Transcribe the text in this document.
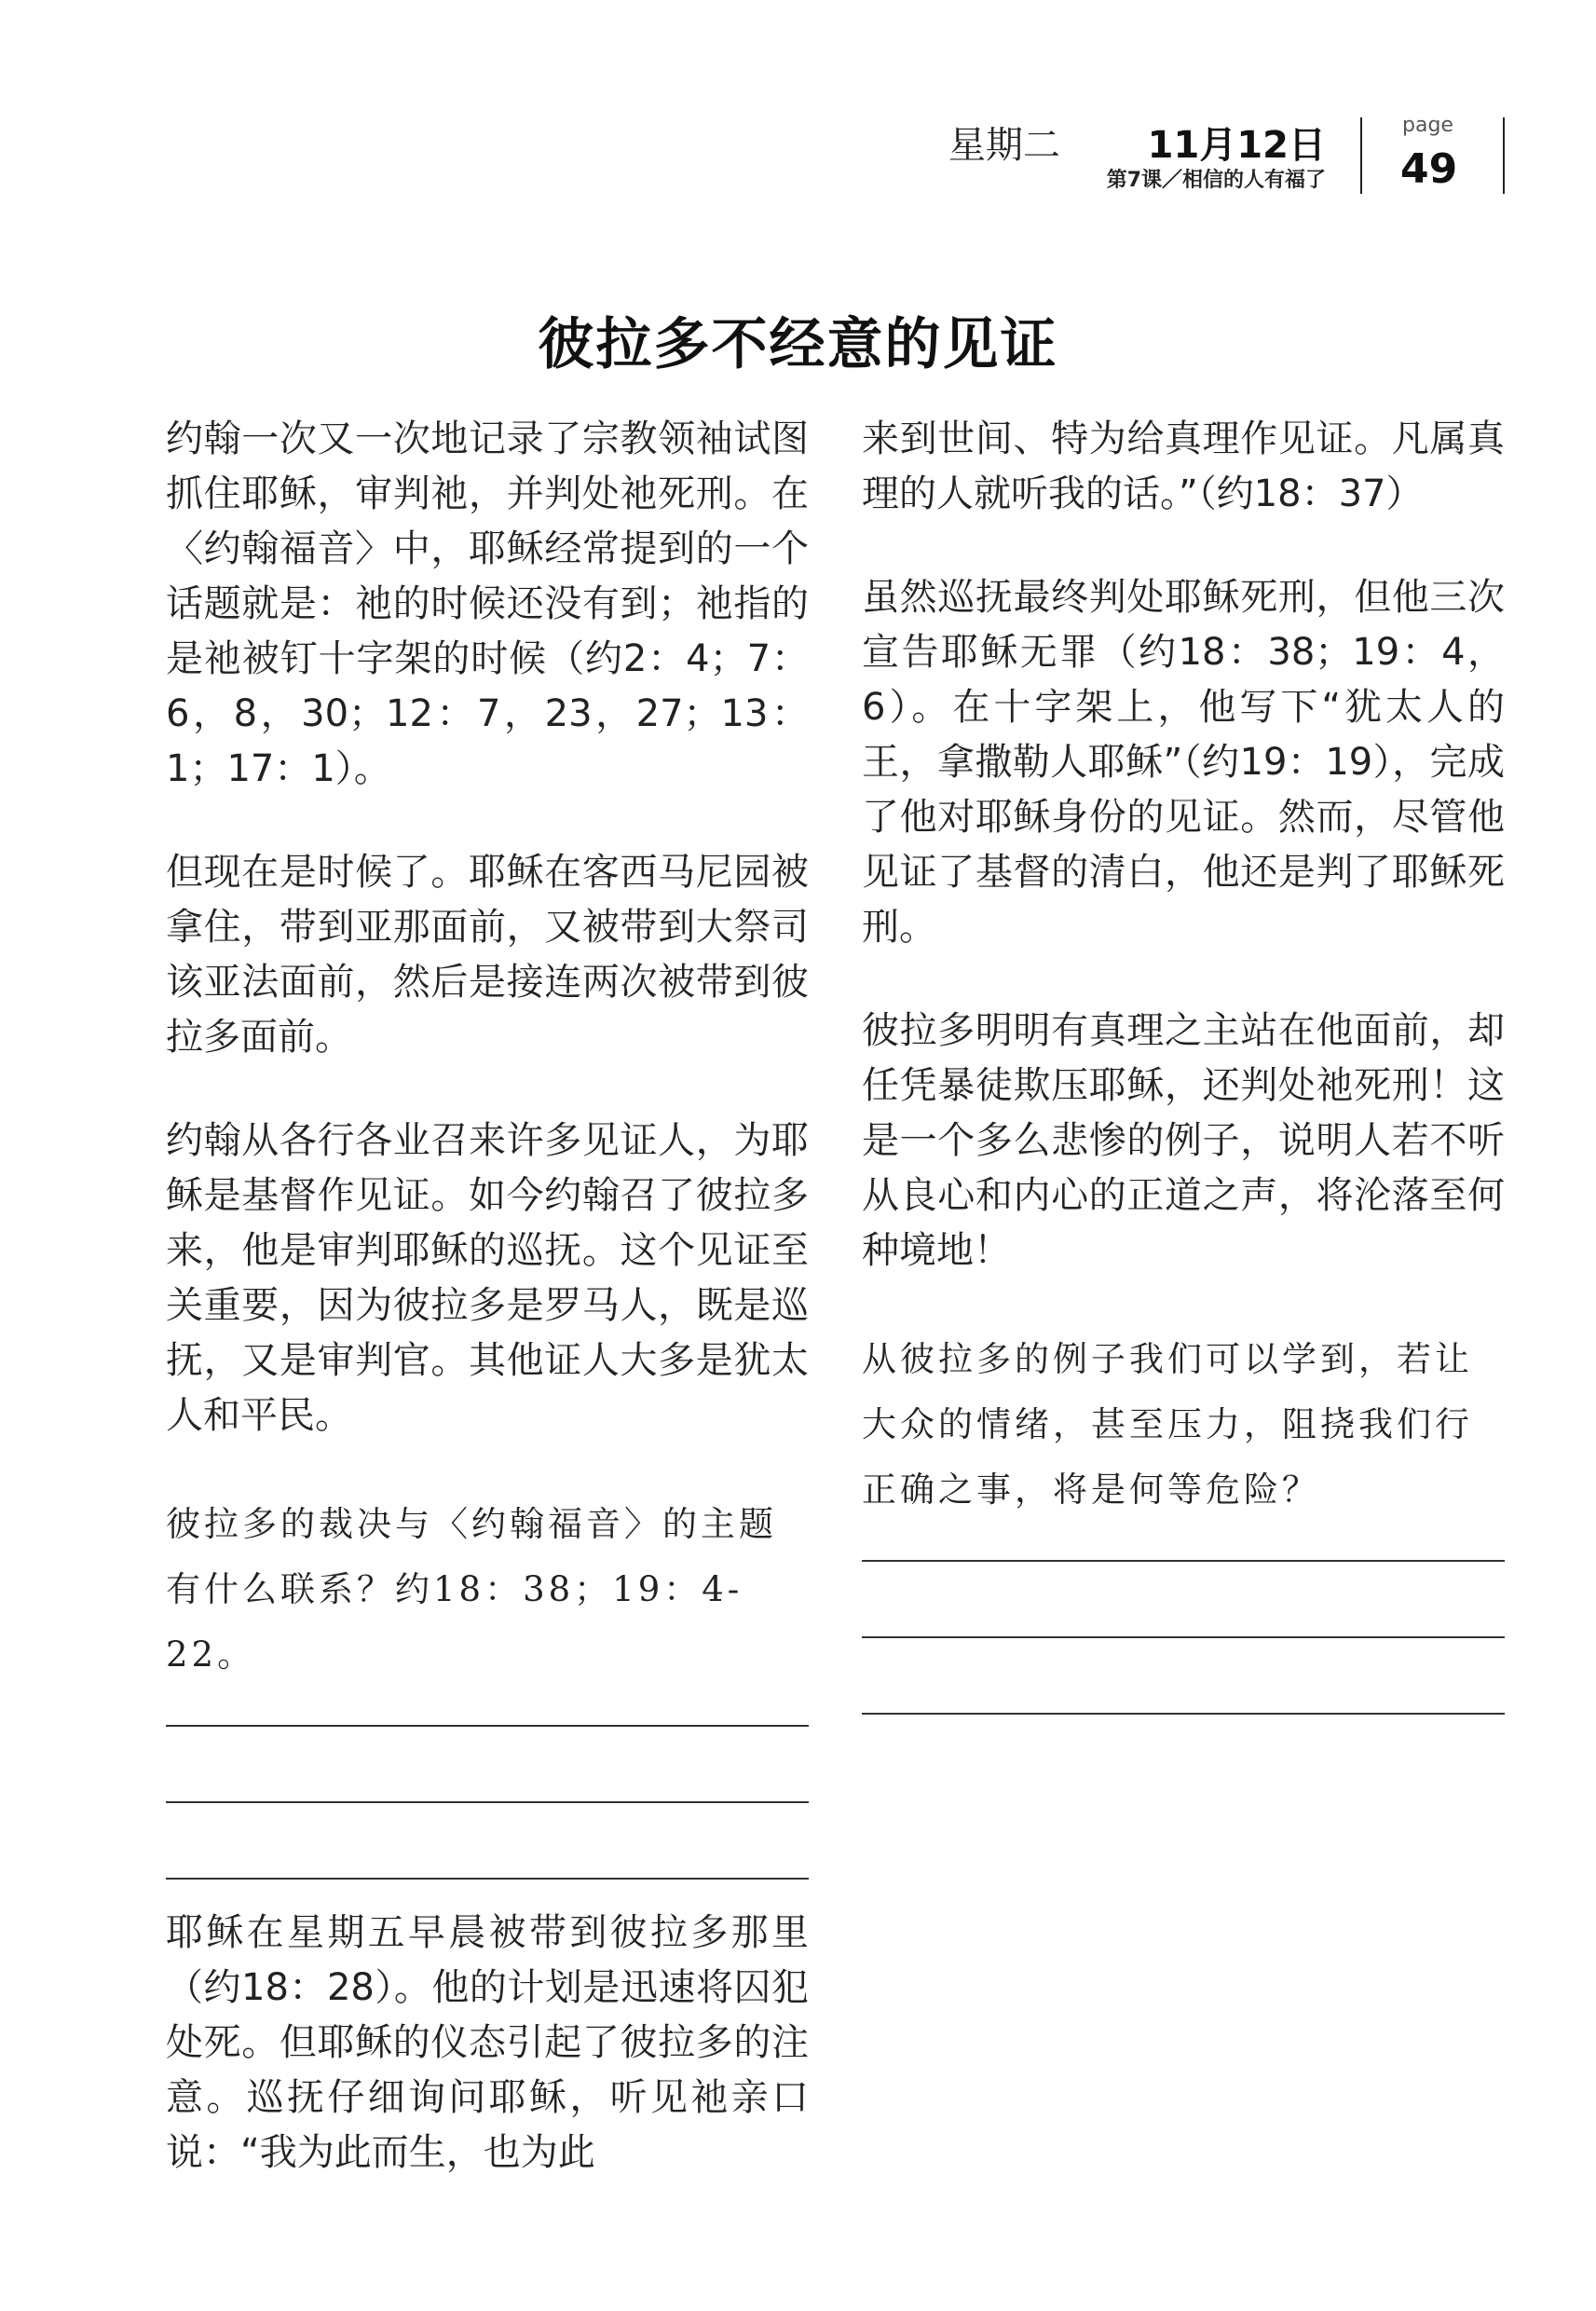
星期二 11月12日
第7课／相信的人有福了
page
49
彼拉多不经意的见证

约翰一次又一次地记录了宗教领袖试图抓住耶稣，审判祂，并判处祂死刑。在〈约翰福音〉中，耶稣经常提到的一个话题就是：祂的时候还没有到；祂指的是祂被钉十字架的时候（约2：4；7：6，8，30；12：7，23，27；13：1；17：1）。

但现在是时候了。耶稣在客西马尼园被拿住，带到亚那面前，又被带到大祭司该亚法面前，然后是接连两次被带到彼拉多面前。

约翰从各行各业召来许多见证人，为耶稣是基督作见证。如今约翰召了彼拉多来，他是审判耶稣的巡抚。这个见证至关重要，因为彼拉多是罗马人，既是巡抚，又是审判官。其他证人大多是犹太人和平民。

彼拉多的裁决与〈约翰福音〉的主题有什么联系？约18：38；19：4-22。

耶稣在星期五早晨被带到彼拉多那里（约18：28）。他的计划是迅速将囚犯处死。但耶稣的仪态引起了彼拉多的注意。巡抚仔细询问耶稣，听见祂亲口说：“我为此而生，也为此

来到世间、特为给真理作见证。凡属真理的人就听我的话。”（约18：37）

虽然巡抚最终判处耶稣死刑，但他三次宣告耶稣无罪（约18：38；19：4，6）。在十字架上，他写下“犹太人的王，拿撒勒人耶稣”（约19：19），完成了他对耶稣身份的见证。然而，尽管他见证了基督的清白，他还是判了耶稣死刑。

彼拉多明明有真理之主站在他面前，却任凭暴徒欺压耶稣，还判处祂死刑！这是一个多么悲惨的例子，说明人若不听从良心和内心的正道之声，将沦落至何种境地！

从彼拉多的例子我们可以学到，若让大众的情绪，甚至压力，阻挠我们行正确之事，将是何等危险？
